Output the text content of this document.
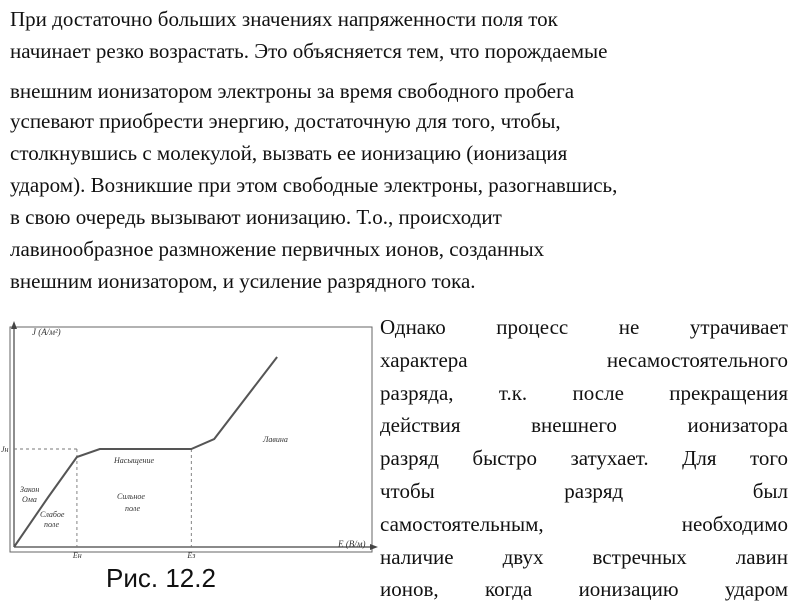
При достаточно больших значениях напряженности поля ток
начинает резко возрастать. Это объясняется тем, что порождаемые
внешним ионизатором электроны за время свободного пробега
успевают приобрести энергию, достаточную для того, чтобы,
столкнувшись с молекулой, вызвать ее ионизацию (ионизация
ударом). Возникшие при этом свободные электроны, разогнавшись,
в свою очередь вызывают ионизацию. Т.о., происходит
лавинообразное размножение первичных ионов, созданных
внешним ионизатором, и усиление разрядного тока.
Однако процесс не утрачивает
характера	несамостоятельного
разряда, т.к. после прекращения
действия	внешнего	ионизатора
разряд быстро затухает. Для того
чтобы	разряд	был
самостоятельным,	необходимо
наличие двух встречных лавин
ионов, когда ионизацию ударом
J (А/м²)
E (В/м)
Jн
Eн	Eз
Закон
Ома
Слабое
поле
Насыщение
Сильное
поле
Лавина
Рис. 12.2
